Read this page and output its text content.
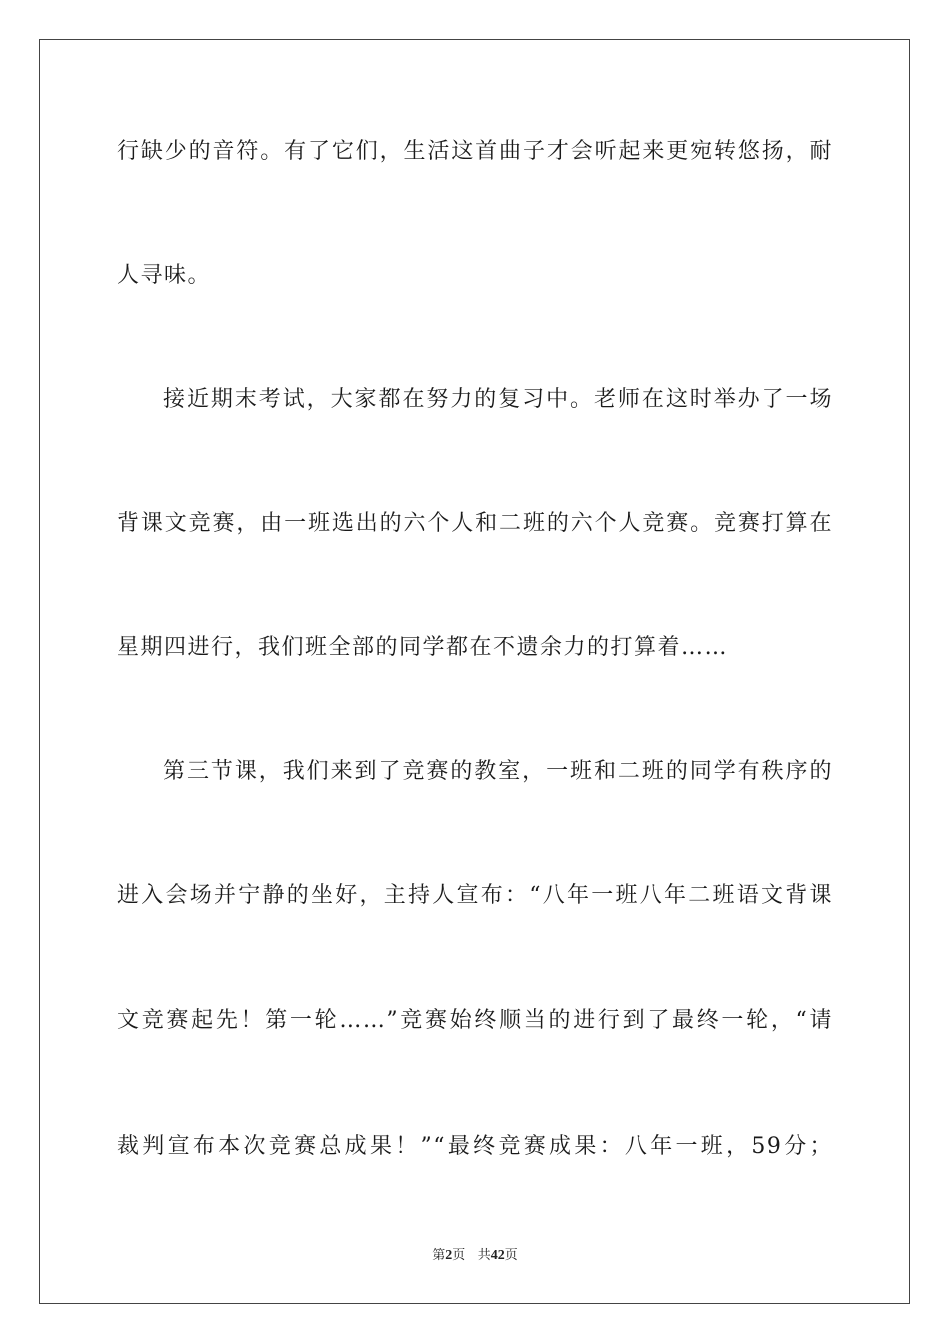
行缺少的音符。有了它们，生活这首曲子才会听起来更宛转悠扬，耐
人寻味。
接近期末考试，大家都在努力的复习中。老师在这时举办了一场
背课文竞赛，由一班选出的六个人和二班的六个人竞赛。竞赛打算在
星期四进行，我们班全部的同学都在不遗余力的打算着……
第三节课，我们来到了竞赛的教室，一班和二班的同学有秩序的
进入会场并宁静的坐好，主持人宣布：“八年一班八年二班语文背课
文竞赛起先！第一轮……”竞赛始终顺当的进行到了最终一轮，“请
裁判宣布本次竞赛总成果！”“最终竞赛成果：八年一班，59分；
第2页 共42页
